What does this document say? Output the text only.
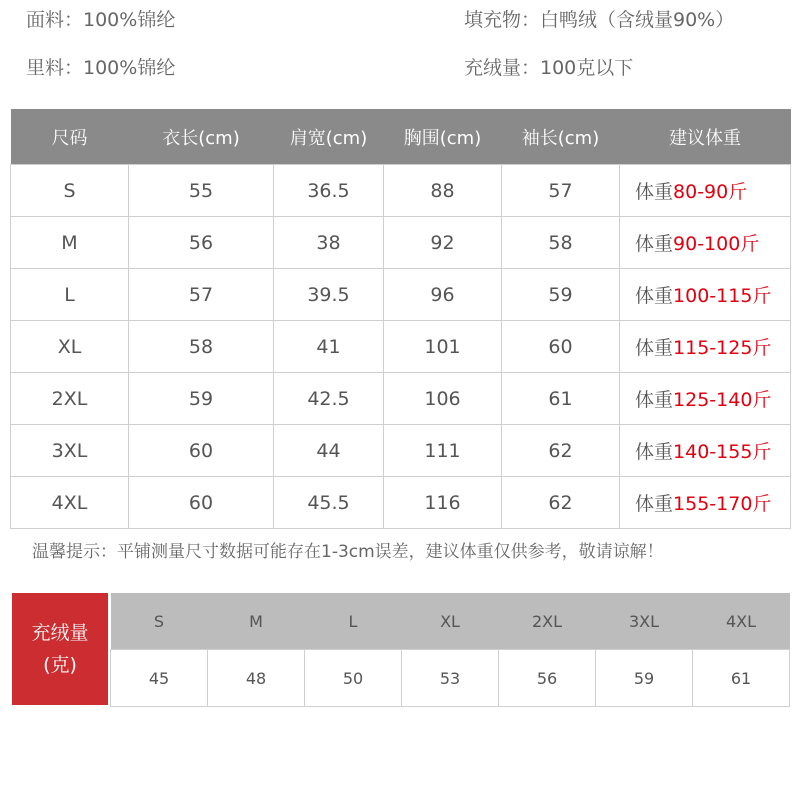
面料：100%锦纶
里料：100%锦纶
填充物：白鸭绒（含绒量90%）
充绒量：100克以下
尺码	衣长(cm)	肩宽(cm)	胸围(cm)	袖长(cm)	建议体重
S	55	36.5	88	57	体重80-90斤
M	56	38	92	58	体重90-100斤
L	57	39.5	96	59	体重100-115斤
XL	58	41	101	60	体重115-125斤
2XL	59	42.5	106	61	体重125-140斤
3XL	60	44	111	62	体重140-155斤
4XL	60	45.5	116	62	体重155-170斤
温馨提示：平铺测量尺寸数据可能存在1-3cm误差，建议体重仅供参考，敬请谅解！
充绒量
(克)
S	M	L	XL	2XL	3XL	4XL
45	48	50	53	56	59	61
